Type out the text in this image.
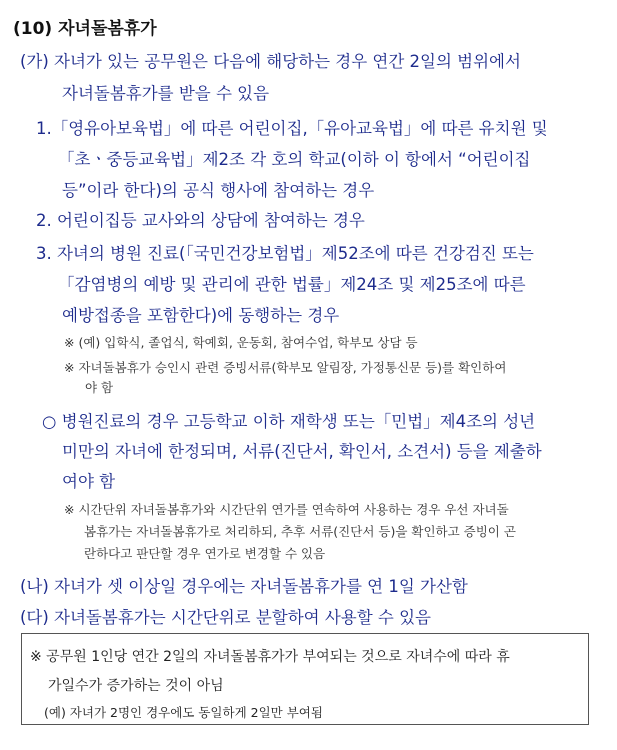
(10) 자녀돌봄휴가
(가) 자녀가 있는 공무원은 다음에 해당하는 경우 연간 2일의 범위에서
자녀돌봄휴가를 받을 수 있음
1.「영유아보육법」에 따른 어린이집,「유아교육법」에 따른 유치원 및
「초ㆍ중등교육법」제2조 각 호의 학교(이하 이 항에서 “어린이집
등”이라 한다)의 공식 행사에 참여하는 경우
2. 어린이집등 교사와의 상담에 참여하는 경우
3. 자녀의 병원 진료(「국민건강보험법」제52조에 따른 건강검진 또는
「감염병의 예방 및 관리에 관한 법률」제24조 및 제25조에 따른
예방접종을 포함한다)에 동행하는 경우
※ (예) 입학식, 졸업식, 학예회, 운동회, 참여수업, 학부모 상담 등
※ 자녀돌봄휴가 승인시 관련 증빙서류(학부모 알림장, 가정통신문 등)를 확인하여
야 함
○ 병원진료의 경우 고등학교 이하 재학생 또는「민법」제4조의 성년
미만의 자녀에 한정되며, 서류(진단서, 확인서, 소견서) 등을 제출하
여야 함
※ 시간단위 자녀돌봄휴가와 시간단위 연가를 연속하여 사용하는 경우 우선 자녀돌
봄휴가는 자녀돌봄휴가로 처리하되, 추후 서류(진단서 등)을 확인하고 증빙이 곤
란하다고 판단할 경우 연가로 변경할 수 있음
(나) 자녀가 셋 이상일 경우에는 자녀돌봄휴가를 연 1일 가산함
(다) 자녀돌봄휴가는 시간단위로 분할하여 사용할 수 있음
※ 공무원 1인당 연간 2일의 자녀돌봄휴가가 부여되는 것으로 자녀수에 따라 휴
가일수가 증가하는 것이 아님
(예) 자녀가 2명인 경우에도 동일하게 2일만 부여됨
